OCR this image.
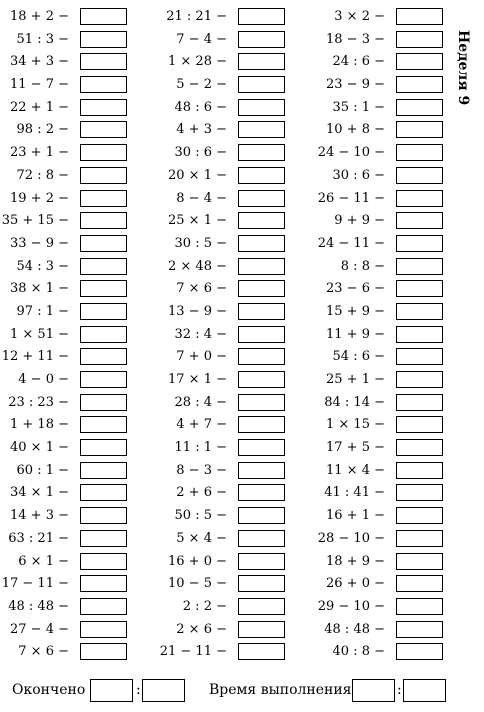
18 + 2 −
51 : 3 −
34 + 3 −
11 − 7 −
22 + 1 −
98 : 2 −
23 + 1 −
72 : 8 −
19 + 2 −
35 + 15 −
33 − 9 −
54 : 3 −
38 × 1 −
97 : 1 −
1 × 51 −
12 + 11 −
4 − 0 −
23 : 23 −
1 + 18 −
40 × 1 −
60 : 1 −
34 × 1 −
14 + 3 −
63 : 21 −
6 × 1 −
17 − 11 −
48 : 48 −
27 − 4 −
7 × 6 −
21 : 21 −
7 − 4 −
1 × 28 −
5 − 2 −
48 : 6 −
4 + 3 −
30 : 6 −
20 × 1 −
8 − 4 −
25 × 1 −
30 : 5 −
2 × 48 −
7 × 6 −
13 − 9 −
32 : 4 −
7 + 0 −
17 × 1 −
28 : 4 −
4 + 7 −
11 : 1 −
8 − 3 −
2 + 6 −
50 : 5 −
5 × 4 −
16 + 0 −
10 − 5 −
2 : 2 −
2 × 6 −
21 − 11 −
3 × 2 −
18 − 3 −
24 : 6 −
23 − 9 −
35 : 1 −
10 + 8 −
24 − 10 −
30 : 6 −
26 − 11 −
9 + 9 −
24 − 11 −
8 : 8 −
23 − 6 −
15 + 9 −
11 + 9 −
54 : 6 −
25 + 1 −
84 : 14 −
1 × 15 −
17 + 5 −
11 × 4 −
41 : 41 −
16 + 1 −
28 − 10 −
18 + 9 −
26 + 0 −
29 − 10 −
48 : 48 −
40 : 8 −
Неделя 9
Окончено	:	Время выполнения	:
